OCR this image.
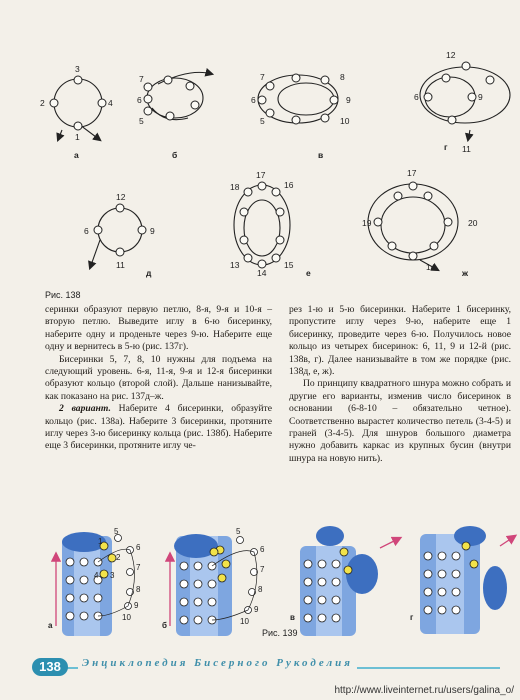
3
2	4
1
а
7
6
5
б
7	8
6	9
5	10
в
12
6	9
11
г
12
6	9
11
д
17
18	16
13
14
15
е
17
19	20
14
ж
Рис. 138

серинки образуют первую петлю, 8-я, 9-я и 10-я – вторую петлю. Выведите иглу в 6-ю бисеринку, наберите одну и проденьте через 9-ю. Наберите еще одну и вернитесь в 5-ю (рис. 137г).

Бисеринки 5, 7, 8, 10 нужны для подъема на следующий уровень. 6-я, 11-я, 9-я и 12-я бисеринки образуют кольцо (второй слой). Дальше нанизывайте, как показано на рис. 137д–ж.

2 вариант. Наберите 4 бисеринки, образуйте кольцо (рис. 138а). Наберите 3 бисеринки, протяните иглу через 3-ю бисеринку кольца (рис. 138б). Наберите еще 3 бисеринки, протяните иглу че-

рез 1-ю и 5-ю бисеринки. Наберите 1 бисеринку, пропустите иглу через 9-ю, наберите еще 1 бисеринку, проведите через 6-ю. Получилось новое кольцо из четырех бисеринок: 6, 11, 9 и 12-й (рис. 138в, г). Далее нанизывайте в том же порядке (рис. 138д, е, ж).

По принципу квадратного шнура можно собрать и другие его варианты, изменив число бисеринок в основании (6-8-10 – обязательно четное). Соответственно вырастет количество петель (3-4-5) и граней (3-4-5). Для шнуров большого диаметра нужно добавить каркас из крупных бусин (внутри шнура на новую нить).

5
6
1
2
7
4 3
8
9
10
5
6
7
8
9
10
а	б
в	г
Рис. 139
138	Энциклопедия Бисерного Рукоделия
http://www.liveinternet.ru/users/galina_o/
